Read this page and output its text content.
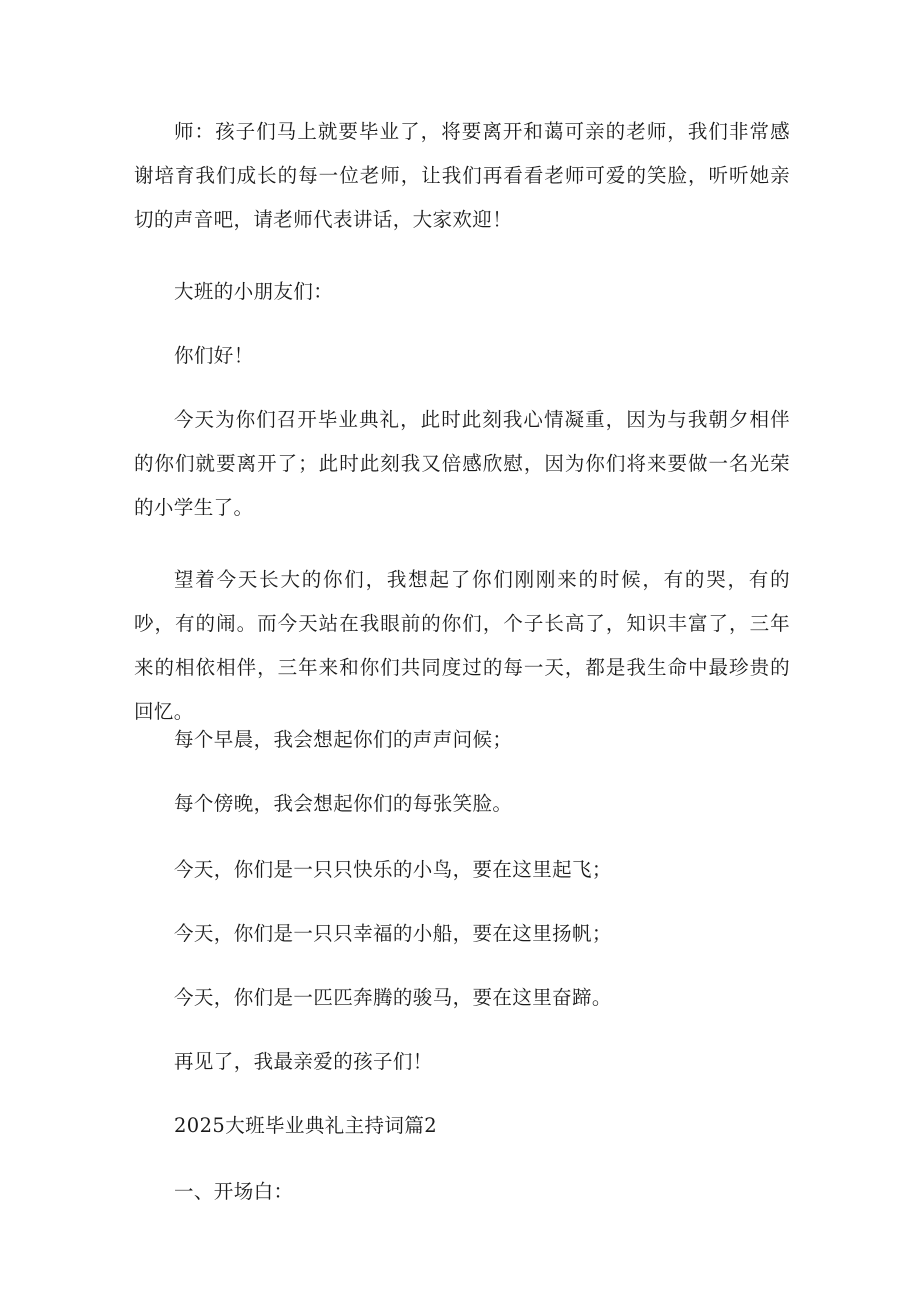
师：孩子们马上就要毕业了，将要离开和蔼可亲的老师，我们非常感谢培育我们成长的每一位老师，让我们再看看老师可爱的笑脸，听听她亲切的声音吧，请老师代表讲话，大家欢迎！

大班的小朋友们：

你们好！

今天为你们召开毕业典礼，此时此刻我心情凝重，因为与我朝夕相伴的你们就要离开了；此时此刻我又倍感欣慰，因为你们将来要做一名光荣的小学生了。

望着今天长大的你们，我想起了你们刚刚来的时候，有的哭，有的吵，有的闹。而今天站在我眼前的你们，个子长高了，知识丰富了，三年来的相依相伴，三年来和你们共同度过的每一天，都是我生命中最珍贵的回忆。

每个早晨，我会想起你们的声声问候；

每个傍晚，我会想起你们的每张笑脸。

今天，你们是一只只快乐的小鸟，要在这里起飞；

今天，你们是一只只幸福的小船，要在这里扬帆；

今天，你们是一匹匹奔腾的骏马，要在这里奋蹄。

再见了，我最亲爱的孩子们！

2025大班毕业典礼主持词篇2

一、开场白：
